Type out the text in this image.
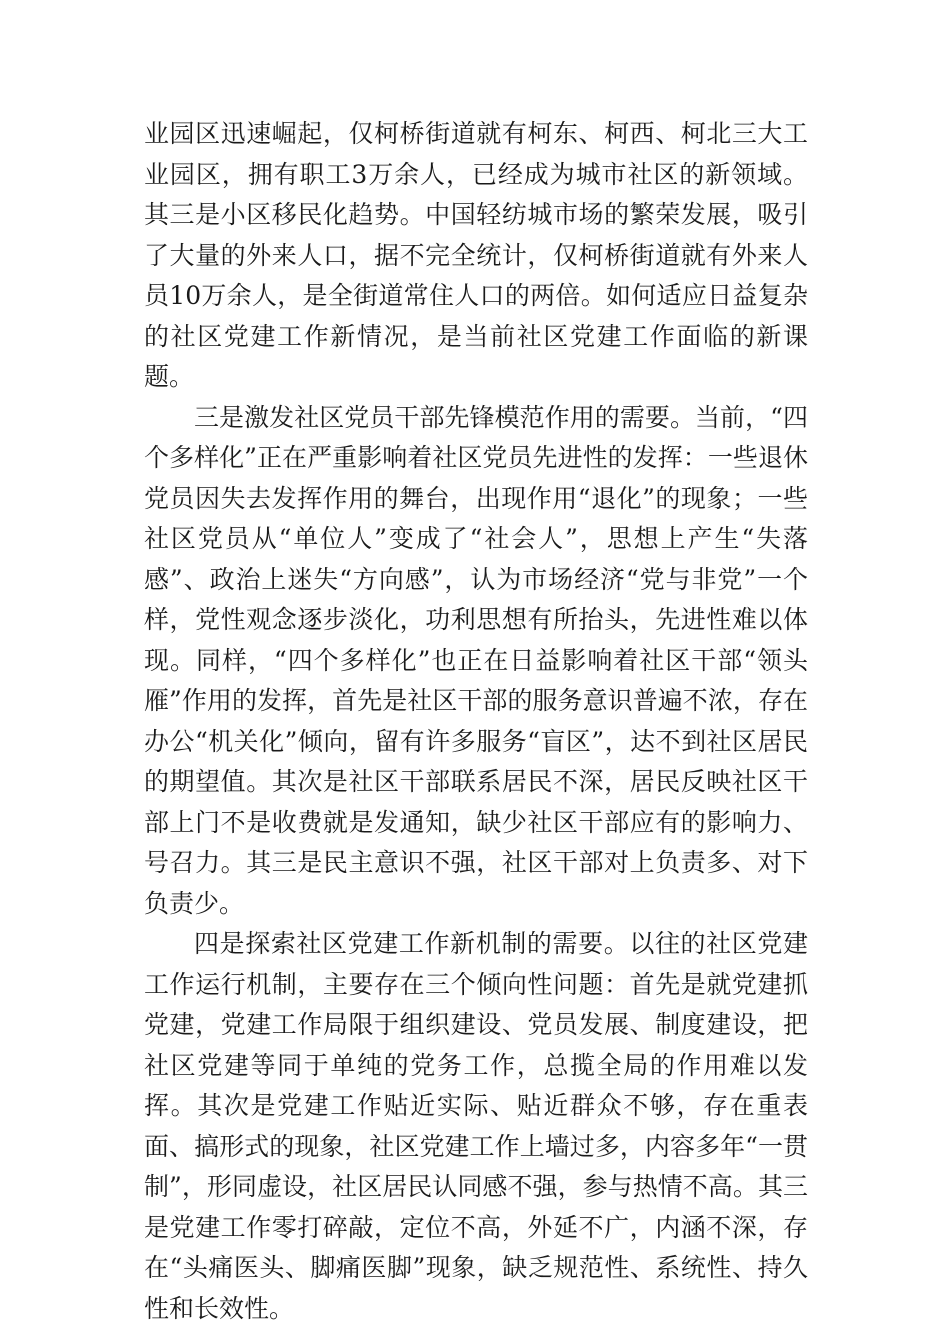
业园区迅速崛起，仅柯桥街道就有柯东、柯西、柯北三大工业园区，拥有职工3万余人，已经成为城市社区的新领域。其三是小区移民化趋势。中国轻纺城市场的繁荣发展，吸引了大量的外来人口，据不完全统计，仅柯桥街道就有外来人员10万余人，是全街道常住人口的两倍。如何适应日益复杂的社区党建工作新情况，是当前社区党建工作面临的新课题。

三是激发社区党员干部先锋模范作用的需要。当前，“四个多样化”正在严重影响着社区党员先进性的发挥：一些退休党员因失去发挥作用的舞台，出现作用“退化”的现象；一些社区党员从“单位人”变成了“社会人”，思想上产生“失落感”、政治上迷失“方向感”，认为市场经济“党与非党”一个样，党性观念逐步淡化，功利思想有所抬头，先进性难以体现。同样，“四个多样化”也正在日益影响着社区干部“领头雁”作用的发挥，首先是社区干部的服务意识普遍不浓，存在办公“机关化”倾向，留有许多服务“盲区”，达不到社区居民的期望值。其次是社区干部联系居民不深，居民反映社区干部上门不是收费就是发通知，缺少社区干部应有的影响力、号召力。其三是民主意识不强，社区干部对上负责多、对下负责少。

四是探索社区党建工作新机制的需要。以往的社区党建工作运行机制，主要存在三个倾向性问题：首先是就党建抓党建，党建工作局限于组织建设、党员发展、制度建设，把社区党建等同于单纯的党务工作，总揽全局的作用难以发挥。其次是党建工作贴近实际、贴近群众不够，存在重表面、搞形式的现象，社区党建工作上墙过多，内容多年“一贯制”，形同虚设，社区居民认同感不强，参与热情不高。其三是党建工作零打碎敲，定位不高，外延不广，内涵不深，存在“头痛医头、脚痛医脚”现象，缺乏规范性、系统性、持久性和长效性。
